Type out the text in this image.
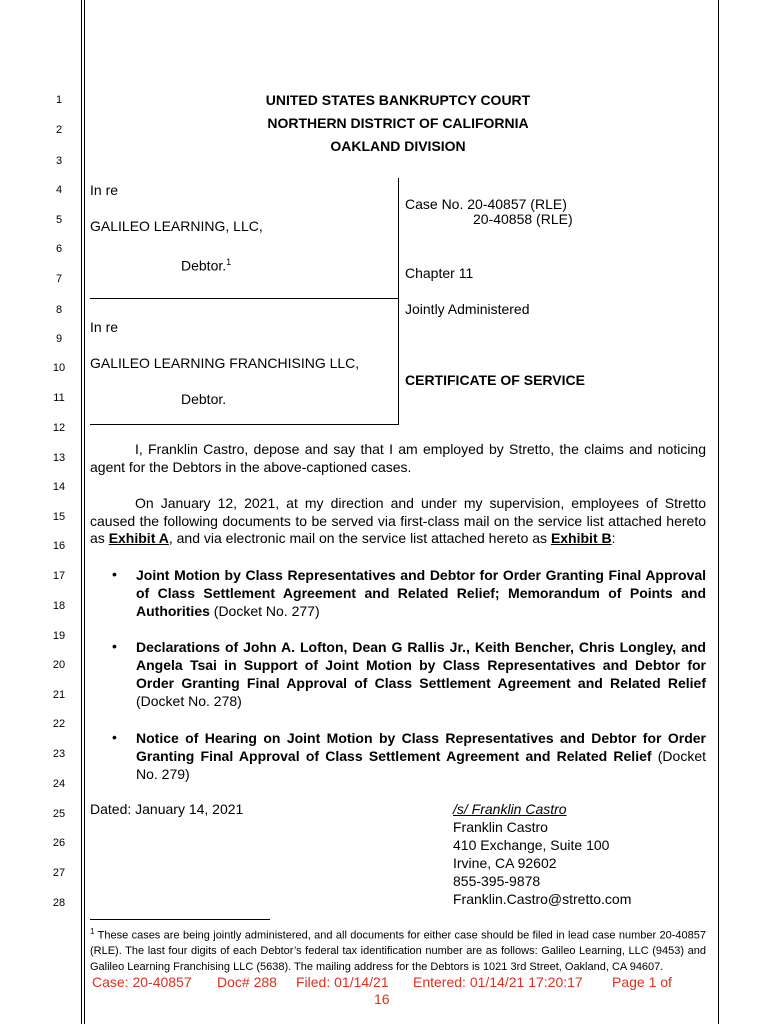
1
2
3
4
5
6
7
8
9
10
11
12
13
14
15
16
17
18
19
20
21
22
23
24
25
26
27
28
UNITED STATES BANKRUPTCY COURT
NORTHERN DISTRICT OF CALIFORNIA
OAKLAND DIVISION
In re
GALILEO LEARNING, LLC,
Debtor.$^1$
In re
GALILEO LEARNING FRANCHISING LLC,
Debtor.
Case No. 20-40857 (RLE)
20-40858 (RLE)
Chapter 11
Jointly Administered
CERTIFICATE OF SERVICE
I, Franklin Castro, depose and say that I am employed by Stretto, the claims and noticing agent for the Debtors in the above-captioned cases.
On January 12, 2021, at my direction and under my supervision, employees of Stretto caused the following documents to be served via first-class mail on the service list attached hereto as Exhibit A, and via electronic mail on the service list attached hereto as Exhibit B:
• Joint Motion by Class Representatives and Debtor for Order Granting Final Approval of Class Settlement Agreement and Related Relief; Memorandum of Points and Authorities (Docket No. 277)
• Declarations of John A. Lofton, Dean G Rallis Jr., Keith Bencher, Chris Longley, and Angela Tsai in Support of Joint Motion by Class Representatives and Debtor for Order Granting Final Approval of Class Settlement Agreement and Related Relief (Docket No. 278)
• Notice of Hearing on Joint Motion by Class Representatives and Debtor for Order Granting Final Approval of Class Settlement Agreement and Related Relief (Docket No. 279)
Dated: January 14, 2021	/s/ Franklin Castro
Franklin Castro
410 Exchange, Suite 100
Irvine, CA 92602
855-395-9878
Franklin.Castro@stretto.com
$^1$ These cases are being jointly administered, and all documents for either case should be filed in lead case number 20-40857 (RLE). The last four digits of each Debtor’s federal tax identification number are as follows: Galileo Learning, LLC (9453) and Galileo Learning Franchising LLC (5638). The mailing address for the Debtors is 1021 3rd Street, Oakland, CA 94607.
Case: 20-40857 Doc# 288 Filed: 01/14/21 Entered: 01/14/21 17:20:17 Page 1 of
16
